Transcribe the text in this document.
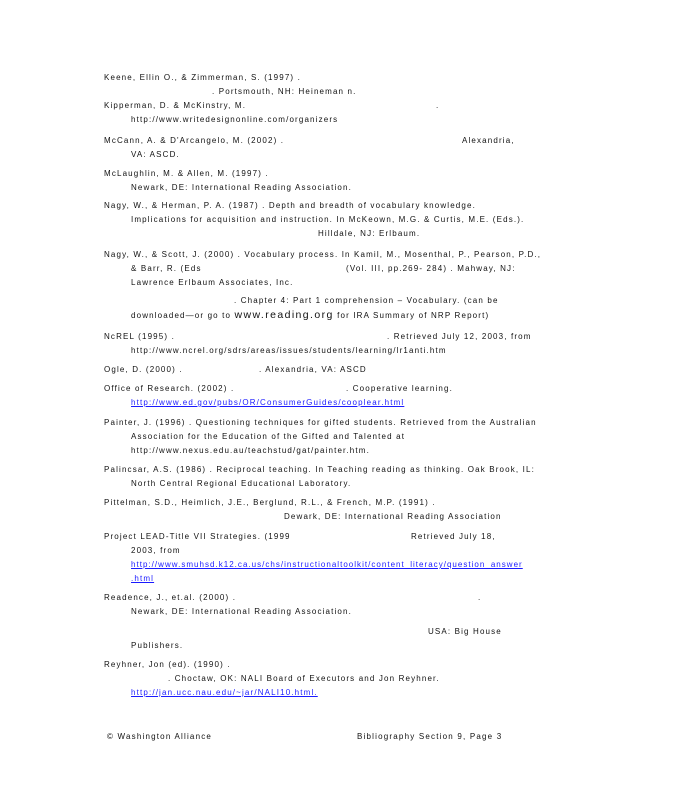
Keene, Ellin O., & Zimmerman, S. (1997) .
. Portsmouth, NH: Heineman n.
Kipperman, D. & McKinstry, M.	.
http://www.writedesignonline.com/organizers
McCann, A. & D'Arcangelo, M. (2002) .	Alexandria,
VA: ASCD.
McLaughlin, M. & Allen, M. (1997) .
Newark, DE: International Reading Association.
Nagy, W., & Herman, P. A. (1987) . Depth and breadth of vocabulary knowledge.
Implications for acquisition and instruction. In McKeown, M.G. & Curtis, M.E. (Eds.).
Hilldale, NJ: Erlbaum.
Nagy, W., & Scott, J. (2000) . Vocabulary process. In Kamil, M., Mosenthal, P., Pearson, P.D.,
& Barr, R. (Eds	(Vol. III, pp.269- 284) . Mahway, NJ:
Lawrence Erlbaum Associates, Inc.
. Chapter 4: Part 1 comprehension – Vocabulary. (can be
downloaded—or go to www.reading.org for IRA Summary of NRP Report)
NcREL (1995) .	. Retrieved July 12, 2003, from
http://www.ncrel.org/sdrs/areas/issues/students/learning/lr1anti.htm
Ogle, D. (2000) .	. Alexandria, VA: ASCD
Office of Research. (2002) .	. Cooperative learning.
http://www.ed.gov/pubs/OR/ConsumerGuides/cooplear.html
Painter, J. (1996) . Questioning techniques for gifted students. Retrieved from the Australian
Association for the Education of the Gifted and Talented at
http://www.nexus.edu.au/teachstud/gat/painter.htm.
Palincsar, A.S. (1986) . Reciprocal teaching. In Teaching reading as thinking. Oak Brook, IL:
North Central Regional Educational Laboratory.
Pittelman, S.D., Heimlich, J.E., Berglund, R.L., & French, M.P. (1991) .
Dewark, DE: International Reading Association
Project LEAD-Title VII Strategies. (1999	Retrieved July 18,
2003, from
http://www.smuhsd.k12.ca.us/chs/instructionaltoolkit/content_literacy/question_answer
.html
Readence, J., et.al. (2000) .	.
Newark, DE: International Reading Association.
USA: Big House
Publishers.
Reyhner, Jon (ed). (1990) .
. Choctaw, OK: NALI Board of Executors and Jon Reyhner.
http://jan.ucc.nau.edu/~jar/NALI10.html.
© Washington Alliance	Bibliography Section 9, Page 3
